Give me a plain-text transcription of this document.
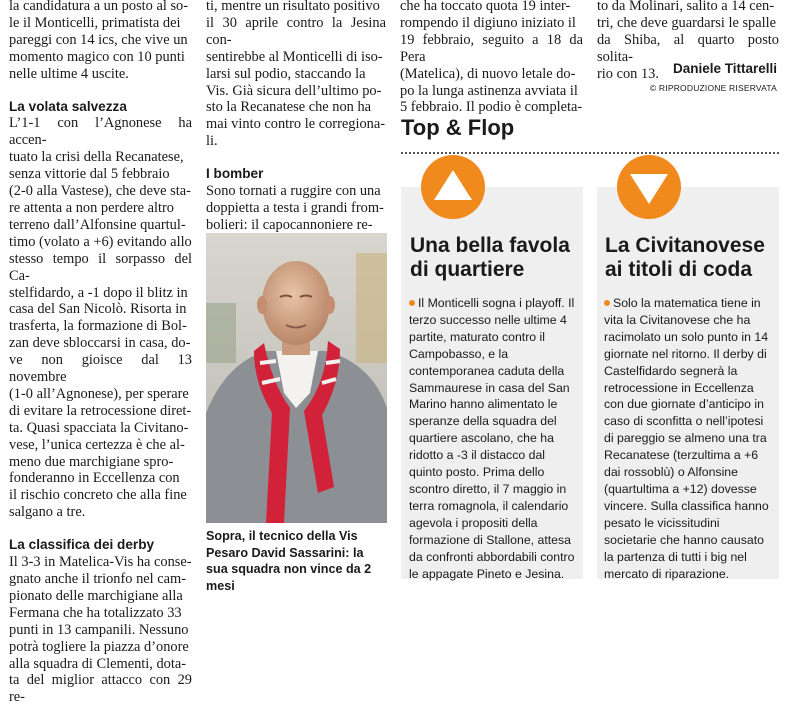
la candidatura a un posto al so-

le il Monticelli, primatista dei

pareggi con 14 ics, che vive un

momento magico con 10 punti

nelle ultime 4 uscite.

La volata salvezza

L’1-1 con l’Agnonese ha accen-

tuato la crisi della Recanatese,

senza vittorie dal 5 febbraio

(2-0 alla Vastese), che deve sta-

re attenta a non perdere altro

terreno dall’Alfonsine quartul-

timo (volato a +6) evitando allo

stesso tempo il sorpasso del Ca-

stelfidardo, a -1 dopo il blitz in

casa del San Nicolò. Risorta in

trasferta, la formazione di Bol-

zan deve sbloccarsi in casa, do-

ve non gioisce dal 13 novembre

(1-0 all’Agnonese), per sperare

di evitare la retrocessione diret-

ta. Quasi spacciata la Civitano-

vese, l’unica certezza è che al-

meno due marchigiane spro-

fonderanno in Eccellenza con

il rischio concreto che alla fine

salgano a tre.

La classifica dei derby

Il 3-3 in Matelica-Vis ha conse-

gnato anche il trionfo nel cam-

pionato delle marchigiane alla

Fermana che ha totalizzato 33

punti in 13 campanili. Nessuno

potrà togliere la piazza d’onore

alla squadra di Clementi, dota-

ta del miglior attacco con 29 re-

ti, mentre un risultato positivo

il 30 aprile contro la Jesina con-

sentirebbe al Monticelli di iso-

larsi sul podio, staccando la

Vis. Già sicura dell’ultimo po-

sto la Recanatese che non ha

mai vinto contro le corregiona-

li.

I bomber

Sono tornati a ruggire con una

doppietta a testa i grandi from-

bolieri: il capocannoniere re-

Sopra, il tecnico della Vis Pesaro David Sassarini: la sua squadra non vince da 2 mesi

che ha toccato quota 19 inter-

rompendo il digiuno iniziato il

19 febbraio, seguito a 18 da Pera

(Matelica), di nuovo letale do-

po la lunga astinenza avviata il

5 febbraio. Il podio è completa-

to da Molinari, salito a 14 cen-

tri, che deve guardarsi le spalle

da Shiba, al quarto posto solita-

rio con 13.	Daniele Tittarelli
© RIPRODUZIONE RISERVATA
Top & Flop
Una bella favola
di quartiere
La Civitanovese
ai titoli di coda
Il Monticelli sogna i playoff. Il
terzo successo nelle ultime 4
partite, maturato contro il
Campobasso, e la
contemporanea caduta della
Sammaurese in casa del San
Marino hanno alimentato le
speranze della squadra del
quartiere ascolano, che ha
ridotto a -3 il distacco dal
quinto posto. Prima dello
scontro diretto, il 7 maggio in
terra romagnola, il calendario
agevola i propositi della
formazione di Stallone, attesa
da confronti abbordabili contro
le appagate Pineto e Jesina.
Solo la matematica tiene in
vita la Civitanovese che ha
racimolato un solo punto in 14
giornate nel ritorno. Il derby di
Castelfidardo segnerà la
retrocessione in Eccellenza
con due giornate d’anticipo in
caso di sconfitta o nell’ipotesi
di pareggio se almeno una tra
Recanatese (terzultima a +6
dai rossoblù) o Alfonsine
(quartultima a +12) dovesse
vincere. Sulla classifica hanno
pesato le vicissitudini
societarie che hanno causato
la partenza di tutti i big nel
mercato di riparazione.
